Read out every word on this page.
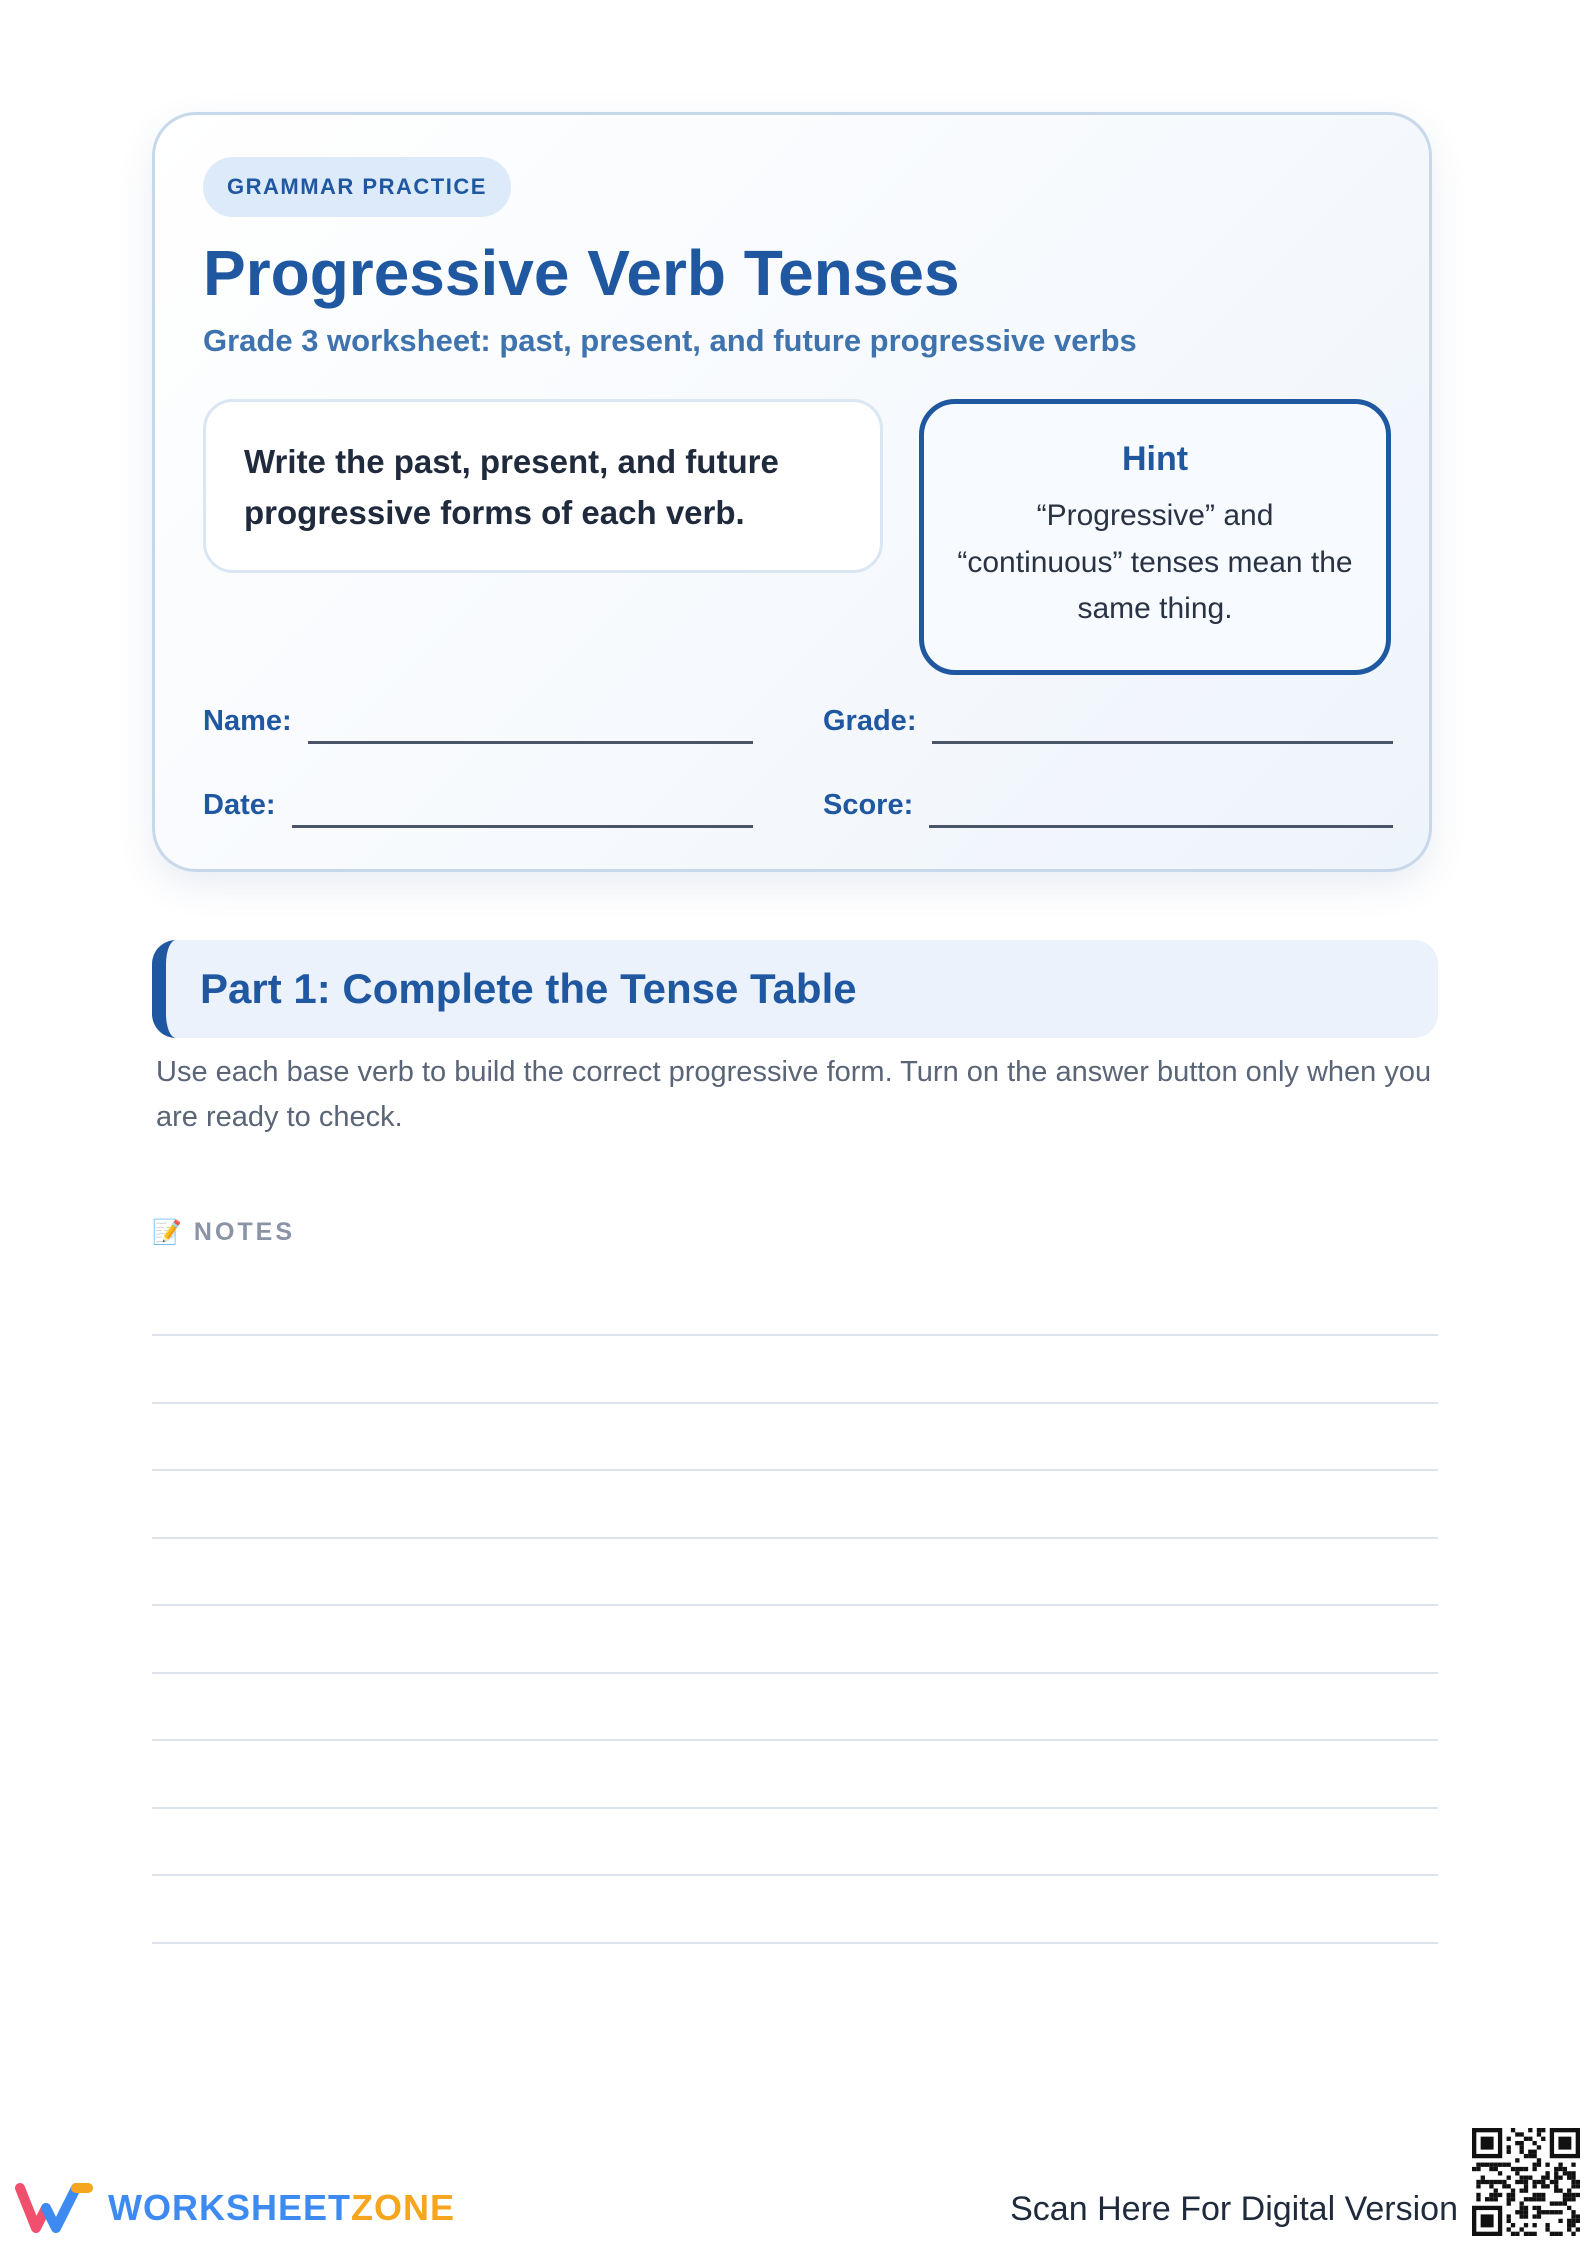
GRAMMAR PRACTICE
Progressive Verb Tenses
Grade 3 worksheet: past, present, and future progressive verbs
Write the past, present, and future progressive forms of each verb.
Hint
“Progressive” and “continuous” tenses mean the same thing.
Name:	Grade:
Date:	Score:
Part 1: Complete the Tense Table
Use each base verb to build the correct progressive form. Turn on the answer button only when you are ready to check.
📝 NOTES
WORKSHEETZONE	Scan Here For Digital Version
